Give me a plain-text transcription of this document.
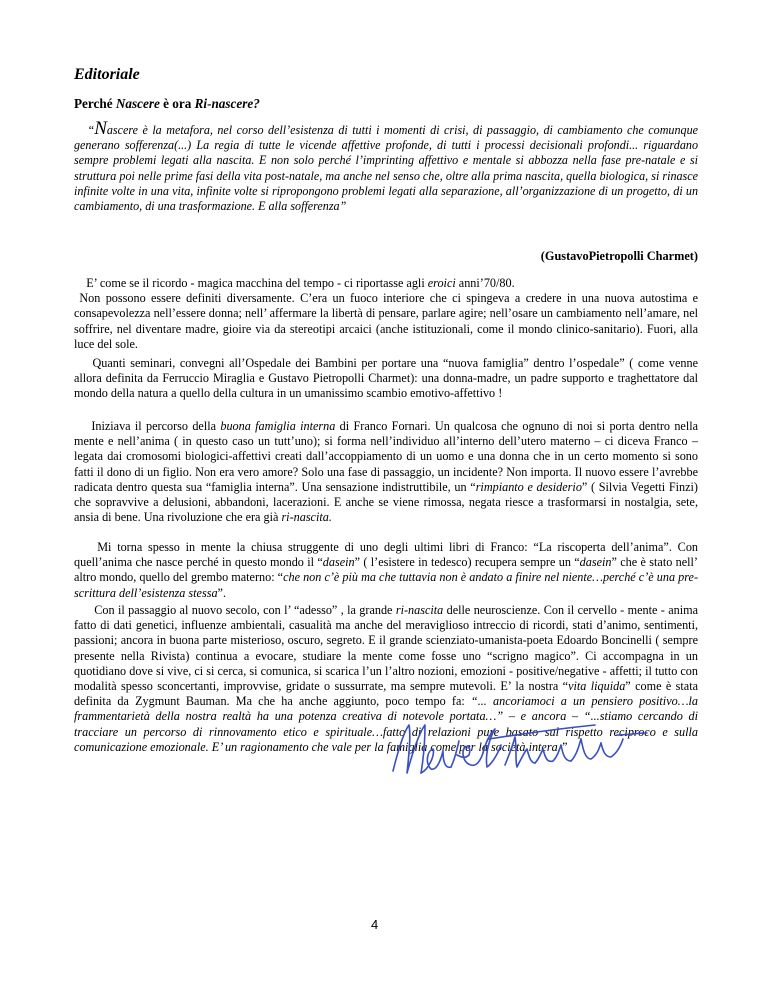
Editoriale
Perché Nascere è ora Ri-nascere?
“Nascere è la metafora, nel corso dell’esistenza di tutti i momenti di crisi, di passaggio, di cambiamento che comunque generano sofferenza(...) La regia di tutte le vicende affettive profonde, di tutti i processi decisionali profondi... riguardano sempre problemi legati alla nascita. E non solo perché l’imprinting affettivo e mentale si abbozza nella fase pre-natale e si struttura poi nelle prime fasi della vita post-natale, ma anche nel senso che, oltre alla prima nascita, quella biologica, si rinasce infinite volte in una vita, infinite volte si ripropongono problemi legati alla separazione, all’organizzazione di un progetto, di un cambiamento, di una trasformazione. E alla sofferenza”
(GustavoPietropolli Charmet)
E’ come se il ricordo - magica macchina del tempo - ci riportasse agli eroici anni’70/80.
Non possono essere definiti diversamente. C’era un fuoco interiore che ci spingeva a credere in una nuova autostima e consapevolezza nell’essere donna; nell’ affermare la libertà di pensare, parlare agire; nell’osare un cambiamento nell’amare, nel soffrire, nel diventare madre, gioire via da stereotipi arcaici (anche istituzionali, come il mondo clinico-sanitario). Fuori, alla luce del sole.
Quanti seminari, convegni all’Ospedale dei Bambini per portare una “nuova famiglia” dentro l’ospedale” ( come venne allora definita da Ferruccio Miraglia e Gustavo Pietropolli Charmet): una donna-madre, un padre supporto e traghettatore dal mondo della natura a quello della cultura in un umanissimo scambio emotivo-affettivo !
Iniziava il percorso della buona famiglia interna di Franco Fornari. Un qualcosa che ognuno di noi si porta dentro nella mente e nell’anima ( in questo caso un tutt’uno); si forma nell’individuo all’interno dell’utero materno – ci diceva Franco – legata dai cromosomi biologici-affettivi creati dall’accoppiamento di un uomo e una donna che in un certo momento si sono fatti il dono di un figlio. Non era vero amore? Solo una fase di passaggio, un incidente? Non importa. Il nuovo essere l’avrebbe radicata dentro questa sua “famiglia interna”. Una sensazione indistruttibile, un “rimpianto e desiderio” ( Silvia Vegetti Finzi) che sopravvive a delusioni, abbandoni, lacerazioni. E anche se viene rimossa, negata riesce a trasformarsi in nostalgia, sete, ansia di bene. Una rivoluzione che era già ri-nascita.
Mi torna spesso in mente la chiusa struggente di uno degli ultimi libri di Franco: “La riscoperta dell’anima”. Con quell’anima che nasce perché in questo mondo il “dasein” ( l’esistere in tedesco) recupera sempre un “dasein” che è stato nell’ altro mondo, quello del grembo materno: “che non c’è più ma che tuttavia non è andato a finire nel niente…perché c’è una pre-scrittura dell’esistenza stessa”.
Con il passaggio al nuovo secolo, con l’ “adesso” , la grande ri-nascita delle neuroscienze. Con il cervello - mente - anima fatto di dati genetici, influenze ambientali, casualità ma anche del meraviglioso intreccio di ricordi, stati d’animo, sentimenti, passioni; ancora in buona parte misterioso, oscuro, segreto. E il grande scienziato-umanista-poeta Edoardo Boncinelli ( sempre presente nella Rivista) continua a evocare, studiare la mente come fosse uno “scrigno magico”. Ci accompagna in un quotidiano dove si vive, ci si cerca, si comunica, si scarica l’un l’altro nozioni, emozioni - positive/negative - affetti; il tutto con modalità spesso sconcertanti, improvvise, gridate o sussurrate, ma sempre mutevoli. E’ la nostra “vita liquida” come è stata definita da Zygmunt Bauman. Ma che ha anche aggiunto, poco tempo fa: “... ancoriamoci a un pensiero positivo…la frammentarietà della nostra realtà ha una potenza creativa di notevole portata…” – e ancora – “...stiamo cercando di tracciare un percorso di rinnovamento etico e spirituale…fatto di relazioni pure basato sul rispetto reciproco e sulla comunicazione emozionale. E’ un ragionamento che vale per la famiglia come per la società intera.”
4
